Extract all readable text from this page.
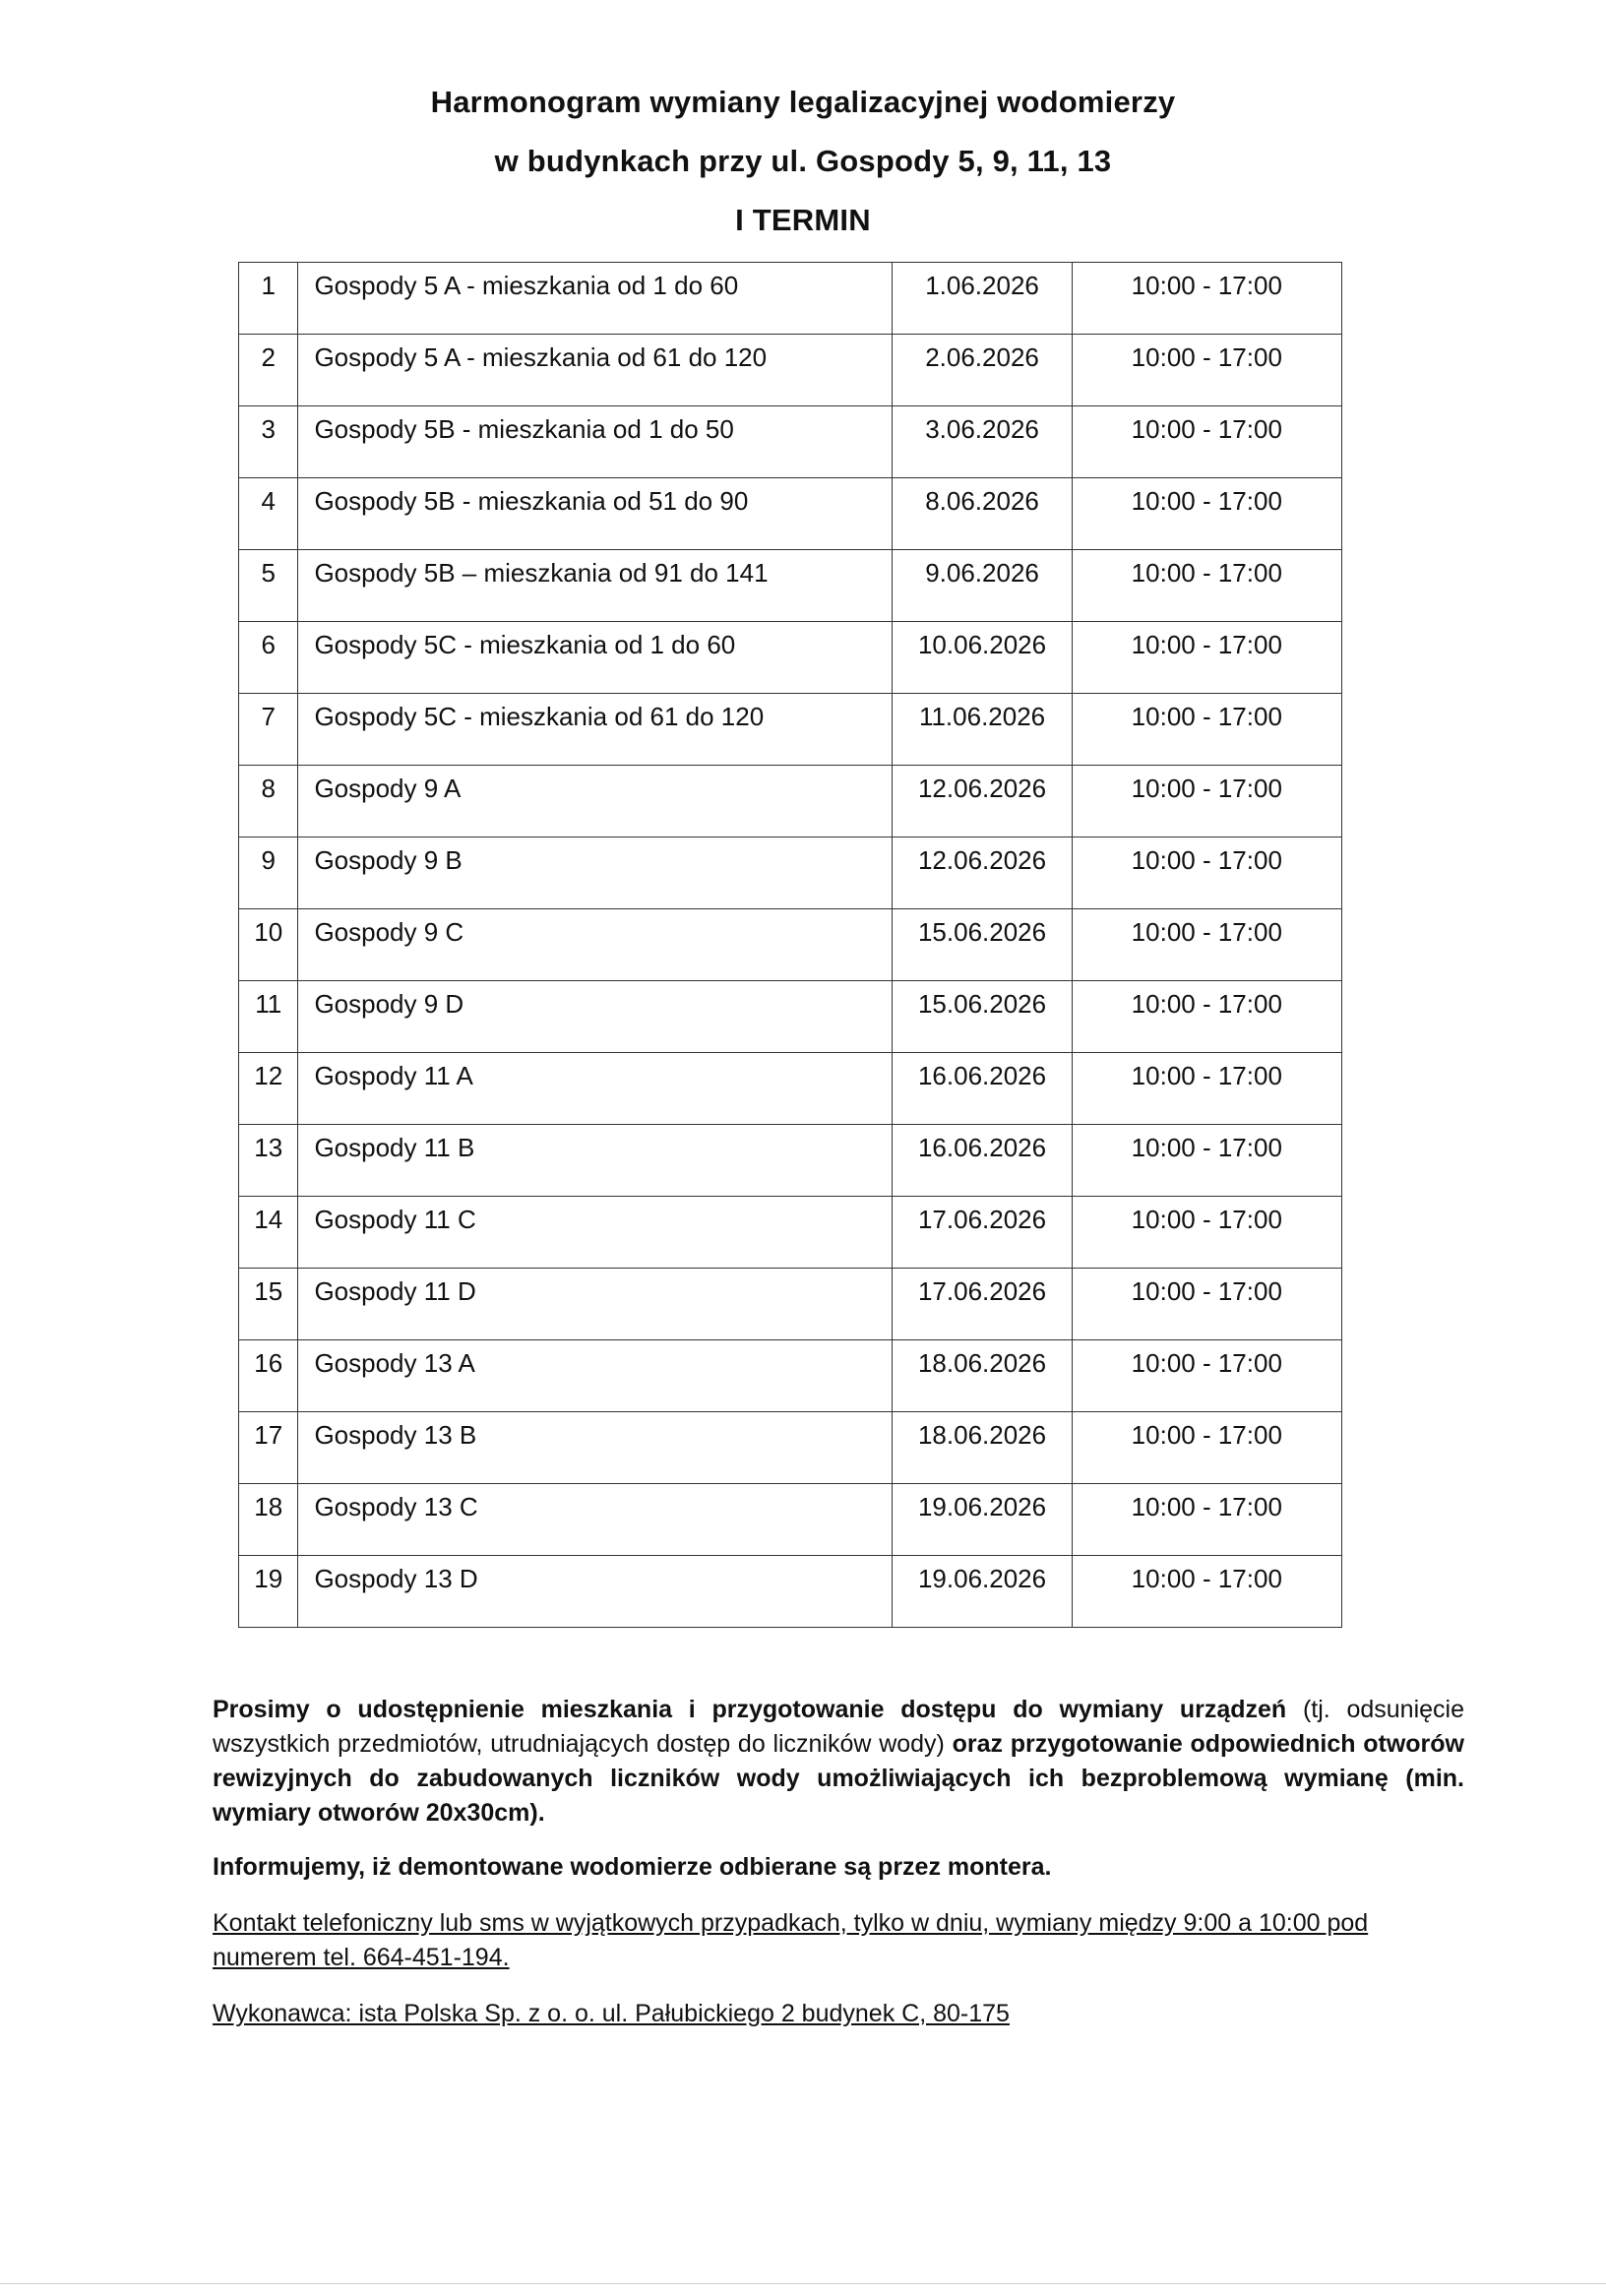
Harmonogram wymiany legalizacyjnej wodomierzy
w budynkach przy ul. Gospody 5, 9, 11, 13
I TERMIN
1	Gospody 5 A - mieszkania od 1 do 60	1.06.2026	10:00 - 17:00

2	Gospody 5 A - mieszkania od 61 do 120	2.06.2026	10:00 - 17:00

3	Gospody 5B - mieszkania od 1 do 50	3.06.2026	10:00 - 17:00

4	Gospody 5B - mieszkania od 51 do 90	8.06.2026	10:00 - 17:00

5	Gospody 5B – mieszkania od 91 do 141	9.06.2026	10:00 - 17:00

6	Gospody 5C - mieszkania od 1 do 60	10.06.2026	10:00 - 17:00

7	Gospody 5C - mieszkania od 61 do 120	11.06.2026	10:00 - 17:00

8	Gospody 9 A	12.06.2026	10:00 - 17:00

9	Gospody 9 B	12.06.2026	10:00 - 17:00

10	Gospody 9 C	15.06.2026	10:00 - 17:00

11	Gospody 9 D	15.06.2026	10:00 - 17:00

12	Gospody 11 A	16.06.2026	10:00 - 17:00

13	Gospody 11 B	16.06.2026	10:00 - 17:00

14	Gospody 11 C	17.06.2026	10:00 - 17:00

15	Gospody 11 D	17.06.2026	10:00 - 17:00

16	Gospody 13 A	18.06.2026	10:00 - 17:00

17	Gospody 13 B	18.06.2026	10:00 - 17:00

18	Gospody 13 C	19.06.2026	10:00 - 17:00

19	Gospody 13 D	19.06.2026	10:00 - 17:00
Prosimy o udostępnienie mieszkania i przygotowanie dostępu do wymiany urządzeń (tj. odsunięcie wszystkich przedmiotów, utrudniających dostęp do liczników wody) oraz przygotowanie odpowiednich otworów rewizyjnych do zabudowanych liczników wody umożliwiających ich bezproblemową wymianę (min. wymiary otworów 20x30cm).
Informujemy, iż demontowane wodomierze odbierane są przez montera.
Kontakt telefoniczny lub sms w wyjątkowych przypadkach, tylko w dniu, wymiany między 9:00 a 10:00 pod numerem tel. 664-451-194.
Wykonawca: ista Polska Sp. z o. o. ul. Pałubickiego 2 budynek C, 80-175
